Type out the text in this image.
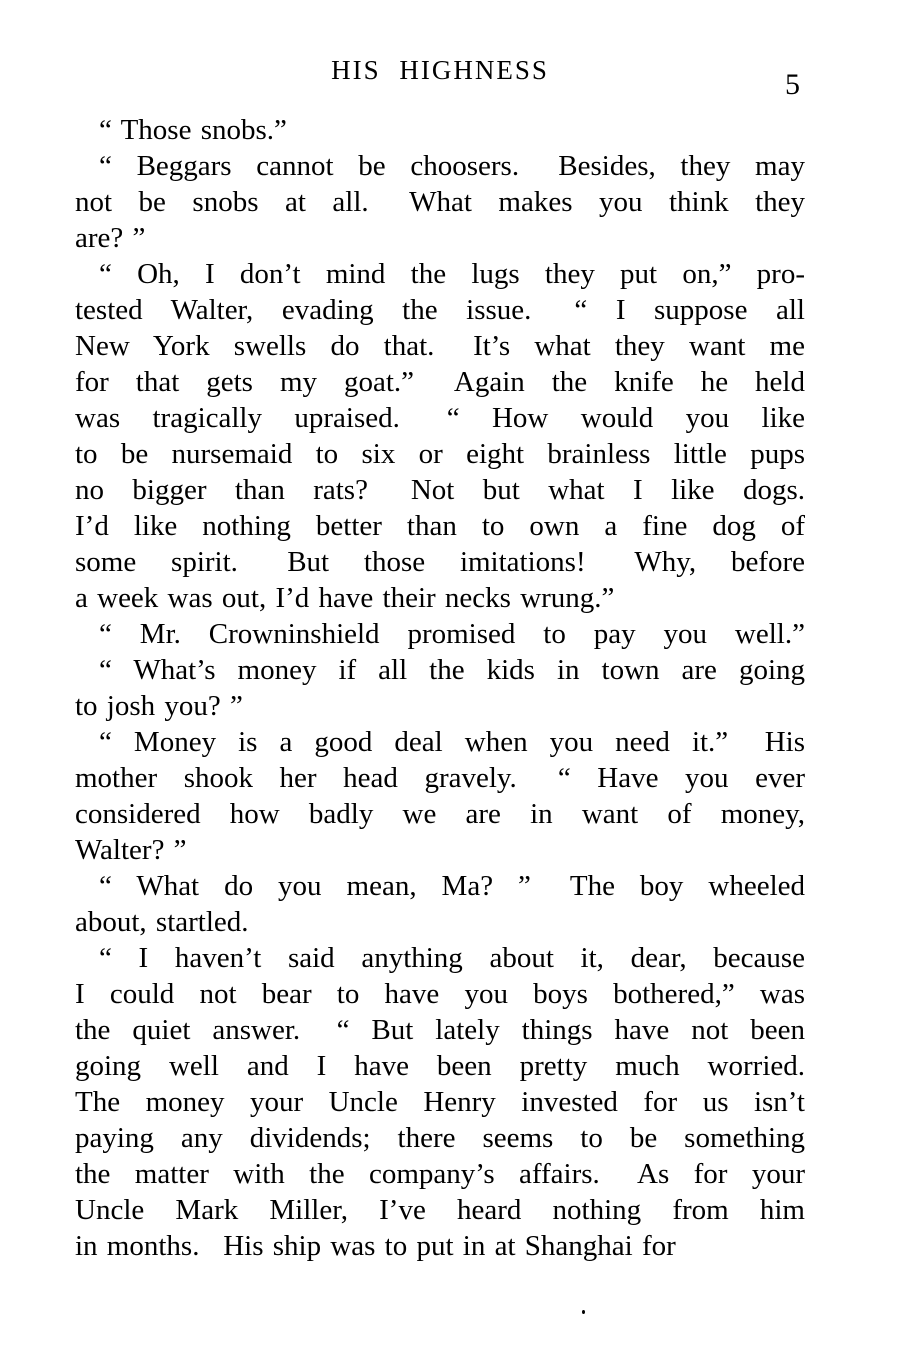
HIS HIGHNESS	5
“ Those snobs.”
“ Beggars cannot be choosers.  Besides, they may
not be snobs at all.  What makes you think they
are? ”
“ Oh, I don’t mind the lugs they put on,” pro-
tested Walter, evading the issue.  “ I suppose all
New York swells do that.  It’s what they want me
for that gets my goat.”  Again the knife he held
was tragically upraised.  “ How would you like
to be nursemaid to six or eight brainless little pups
no bigger than rats?  Not but what I like dogs.
I’d like nothing better than to own a fine dog of
some spirit.  But those imitations!  Why, before
a week was out, I’d have their necks wrung.”
“ Mr. Crowninshield promised to pay you well.”
“ What’s money if all the kids in town are going
to josh you? ”
“ Money is a good deal when you need it.”  His
mother shook her head gravely.  “ Have you ever
considered how badly we are in want of money,
Walter? ”
“ What do you mean, Ma? ”  The boy wheeled
about, startled.
“ I haven’t said anything about it, dear, because
I could not bear to have you boys bothered,” was
the quiet answer.  “ But lately things have not been
going well and I have been pretty much worried.
The money your Uncle Henry invested for us isn’t
paying any dividends; there seems to be something
the matter with the company’s affairs.  As for your
Uncle Mark Miller, I’ve heard nothing from him
in months.  His ship was to put in at Shanghai for
